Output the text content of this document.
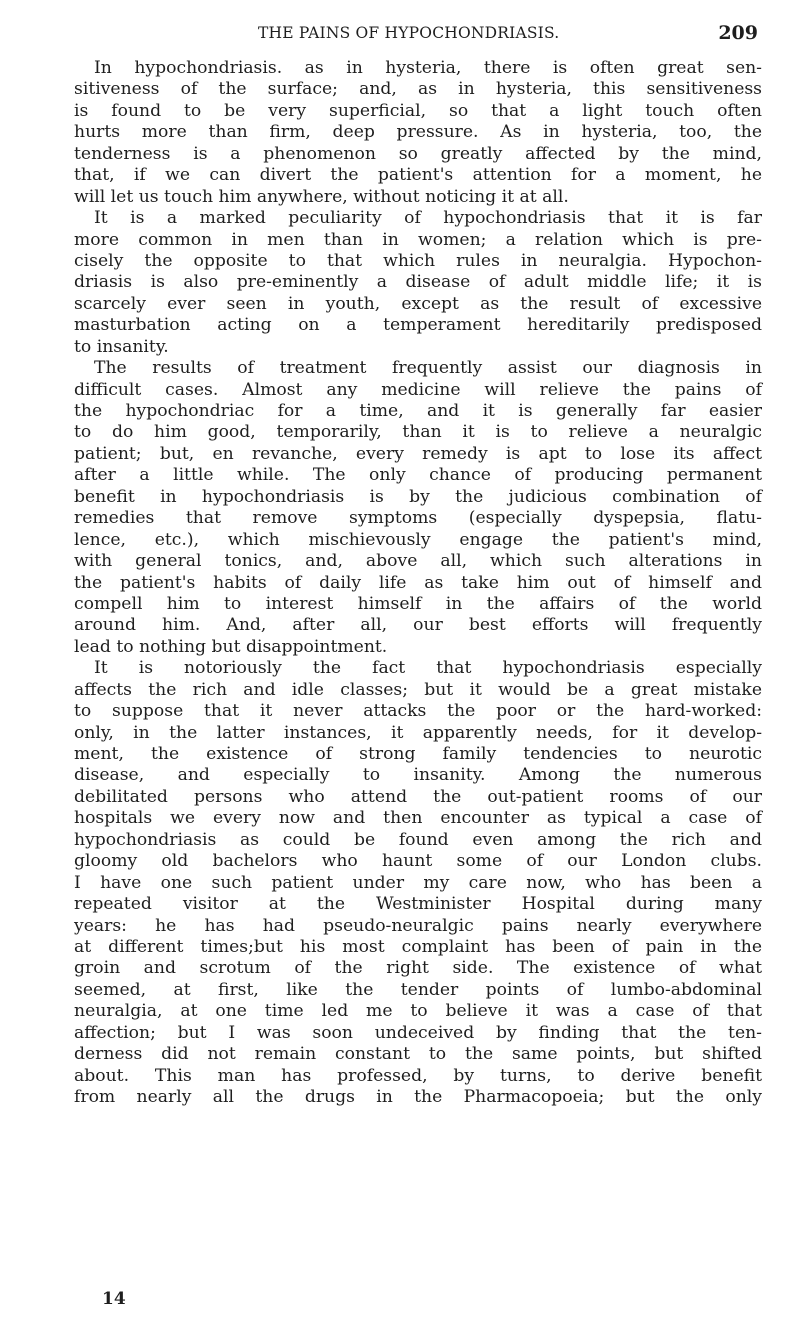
THE PAINS OF HYPOCHONDRIASIS.	209
In hypochondriasis. as in hysteria, there is often great sen-
sitiveness of the surface; and, as in hysteria, this sensitiveness
is found to be very superficial, so that a light touch often
hurts more than firm, deep pressure. As in hysteria, too, the
tenderness is a phenomenon so greatly affected by the mind,
that, if we can divert the patient's attention for a moment, he
will let us touch him anywhere, without noticing it at all.
It is a marked peculiarity of hypochondriasis that it is far
more common in men than in women; a relation which is pre-
cisely the opposite to that which rules in neuralgia. Hypochon-
driasis is also pre-eminently a disease of adult middle life; it is
scarcely ever seen in youth, except as the result of excessive
masturbation acting on a temperament hereditarily predisposed
to insanity.
The results of treatment frequently assist our diagnosis in
difficult cases. Almost any medicine will relieve the pains of
the hypochondriac for a time, and it is generally far easier
to do him good, temporarily, than it is to relieve a neuralgic
patient; but, en revanche, every remedy is apt to lose its affect
after a little while. The only chance of producing permanent
benefit in hypochondriasis is by the judicious combination of
remedies that remove symptoms (especially dyspepsia, flatu-
lence, etc.), which mischievously engage the patient's mind,
with general tonics, and, above all, which such alterations in
the patient's habits of daily life as take him out of himself and
compell him to interest himself in the affairs of the world
around him. And, after all, our best efforts will frequently
lead to nothing but disappointment.
It is notoriously the fact that hypochondriasis especially
affects the rich and idle classes; but it would be a great mistake
to suppose that it never attacks the poor or the hard-worked:
only, in the latter instances, it apparently needs, for it develop-
ment, the existence of strong family tendencies to neurotic
disease, and especially to insanity. Among the numerous
debilitated persons who attend the out-patient rooms of our
hospitals we every now and then encounter as typical a case of
hypochondriasis as could be found even among the rich and
gloomy old bachelors who haunt some of our London clubs.
I have one such patient under my care now, who has been a
repeated visitor at the Westminister Hospital during many
years: he has had pseudo-neuralgic pains nearly everywhere
at different times;but his most complaint has been of pain in the
groin and scrotum of the right side. The existence of what
seemed, at first, like the tender points of lumbo-abdominal
neuralgia, at one time led me to believe it was a case of that
affection; but I was soon undeceived by finding that the ten-
derness did not remain constant to the same points, but shifted
about. This man has professed, by turns, to derive benefit
from nearly all the drugs in the Pharmacopoeia; but the only
14
